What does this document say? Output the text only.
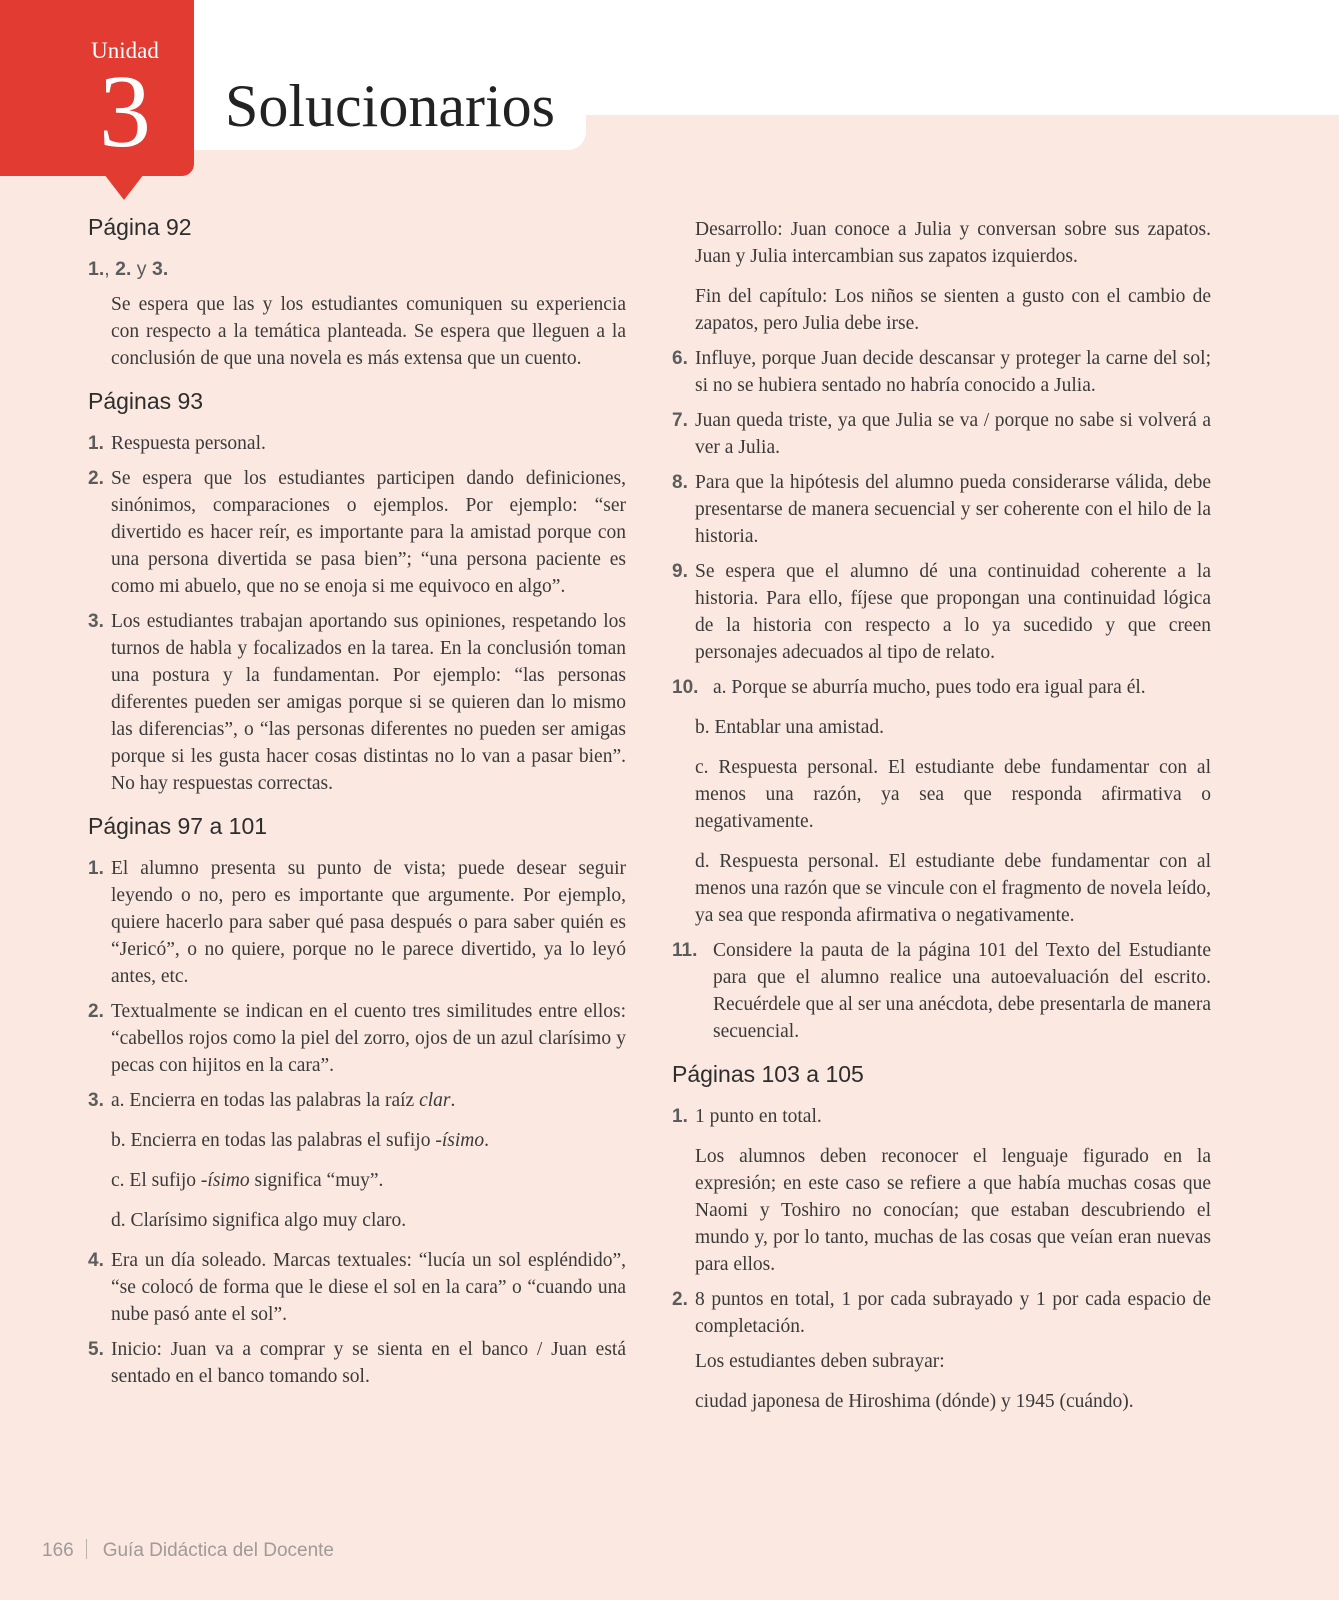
Unidad
3	Solucionarios
Página 92
1., 2. y 3.

Se espera que las y los estudiantes comuniquen su experiencia con respecto a la temática planteada. Se espera que lleguen a la conclusión de que una novela es más extensa que un cuento.

Páginas 93
1. Respuesta personal.
2. Se espera que los estudiantes participen dando definiciones, sinónimos, comparaciones o ejemplos. Por ejemplo: “ser divertido es hacer reír, es importante para la amistad porque con una persona divertida se pasa bien”; “una persona paciente es como mi abuelo, que no se enoja si me equivoco en algo”.
3. Los estudiantes trabajan aportando sus opiniones, respetando los turnos de habla y focalizados en la tarea. En la conclusión toman una postura y la fundamentan. Por ejemplo: “las personas diferentes pueden ser amigas porque si se quieren dan lo mismo las diferencias”, o “las personas diferentes no pueden ser amigas porque si les gusta hacer cosas distintas no lo van a pasar bien”. No hay respuestas correctas.
Páginas 97 a 101
1. El alumno presenta su punto de vista; puede desear seguir leyendo o no, pero es importante que argumente. Por ejemplo, quiere hacerlo para saber qué pasa después o para saber quién es “Jericó”, o no quiere, porque no le parece divertido, ya lo leyó antes, etc.
2. Textualmente se indican en el cuento tres similitudes entre ellos: “cabellos rojos como la piel del zorro, ojos de un azul clarísimo y pecas con hijitos en la cara”.
3. a. Encierra en todas las palabras la raíz clar.

b. Encierra en todas las palabras el sufijo -ísimo.

c. El sufijo -ísimo significa “muy”.

d. Clarísimo significa algo muy claro.

4. Era un día soleado. Marcas textuales: “lucía un sol espléndido”, “se colocó de forma que le diese el sol en la cara” o “cuando una nube pasó ante el sol”.
5. Inicio: Juan va a comprar y se sienta en el banco / Juan está sentado en el banco tomando sol.

Desarrollo: Juan conoce a Julia y conversan sobre sus zapatos. Juan y Julia intercambian sus zapatos izquierdos.

Fin del capítulo: Los niños se sienten a gusto con el cambio de zapatos, pero Julia debe irse.

6. Influye, porque Juan decide descansar y proteger la carne del sol; si no se hubiera sentado no habría conocido a Julia.
7. Juan queda triste, ya que Julia se va / porque no sabe si volverá a ver a Julia.
8. Para que la hipótesis del alumno pueda considerarse válida, debe presentarse de manera secuencial y ser coherente con el hilo de la historia.
9. Se espera que el alumno dé una continuidad coherente a la historia. Para ello, fíjese que propongan una continuidad lógica de la historia con respecto a lo ya sucedido y que creen personajes adecuados al tipo de relato.
10. a. Porque se aburría mucho, pues todo era igual para él.

b. Entablar una amistad.

c. Respuesta personal. El estudiante debe fundamentar con al menos una razón, ya sea que responda afirmativa o negativamente.

d. Respuesta personal. El estudiante debe fundamentar con al menos una razón que se vincule con el fragmento de novela leído, ya sea que responda afirmativa o negativamente.

11. Considere la pauta de la página 101 del Texto del Estudiante para que el alumno realice una autoevaluación del escrito. Recuérdele que al ser una anécdota, debe presentarla de manera secuencial.
Páginas 103 a 105
1. 1 punto en total.

Los alumnos deben reconocer el lenguaje figurado en la expresión; en este caso se refiere a que había muchas cosas que Naomi y Toshiro no conocían; que estaban descubriendo el mundo y, por lo tanto, muchas de las cosas que veían eran nuevas para ellos.

2. 8 puntos en total, 1 por cada subrayado y 1 por cada espacio de completación.

Los estudiantes deben subrayar:

ciudad japonesa de Hiroshima (dónde) y 1945 (cuándo).

166 Guía Didáctica del Docente
